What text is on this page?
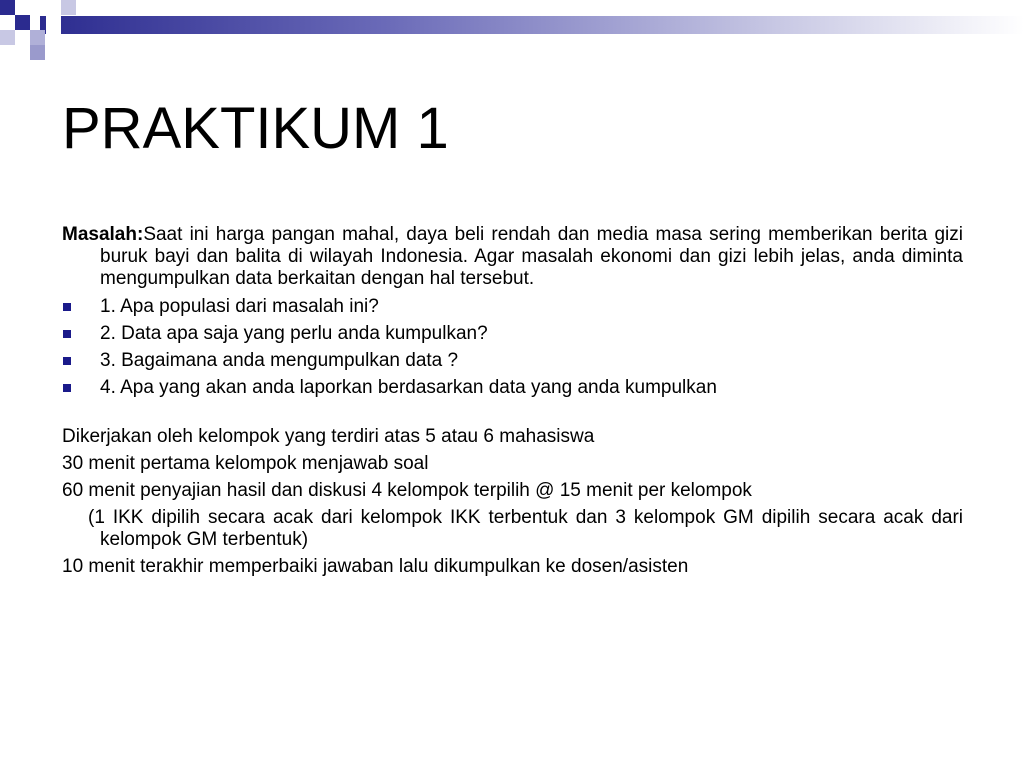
PRAKTIKUM 1

Masalah:Saat ini harga pangan mahal, daya beli rendah dan media masa sering memberikan berita gizi buruk bayi dan balita di wilayah Indonesia. Agar masalah ekonomi dan gizi lebih jelas, anda diminta mengumpulkan data berkaitan dengan hal tersebut.

1. Apa populasi dari masalah ini?
2. Data apa saja yang perlu anda kumpulkan?
3. Bagaimana anda mengumpulkan data ?
4. Apa yang akan anda laporkan berdasarkan data yang anda kumpulkan

Dikerjakan oleh kelompok yang terdiri atas 5 atau 6 mahasiswa

30 menit pertama kelompok menjawab soal

60 menit penyajian hasil dan diskusi 4 kelompok terpilih @ 15 menit per kelompok

(1 IKK dipilih secara acak dari kelompok IKK terbentuk dan 3 kelompok GM dipilih secara acak dari kelompok GM terbentuk)

10 menit terakhir memperbaiki jawaban lalu dikumpulkan ke dosen/asisten
